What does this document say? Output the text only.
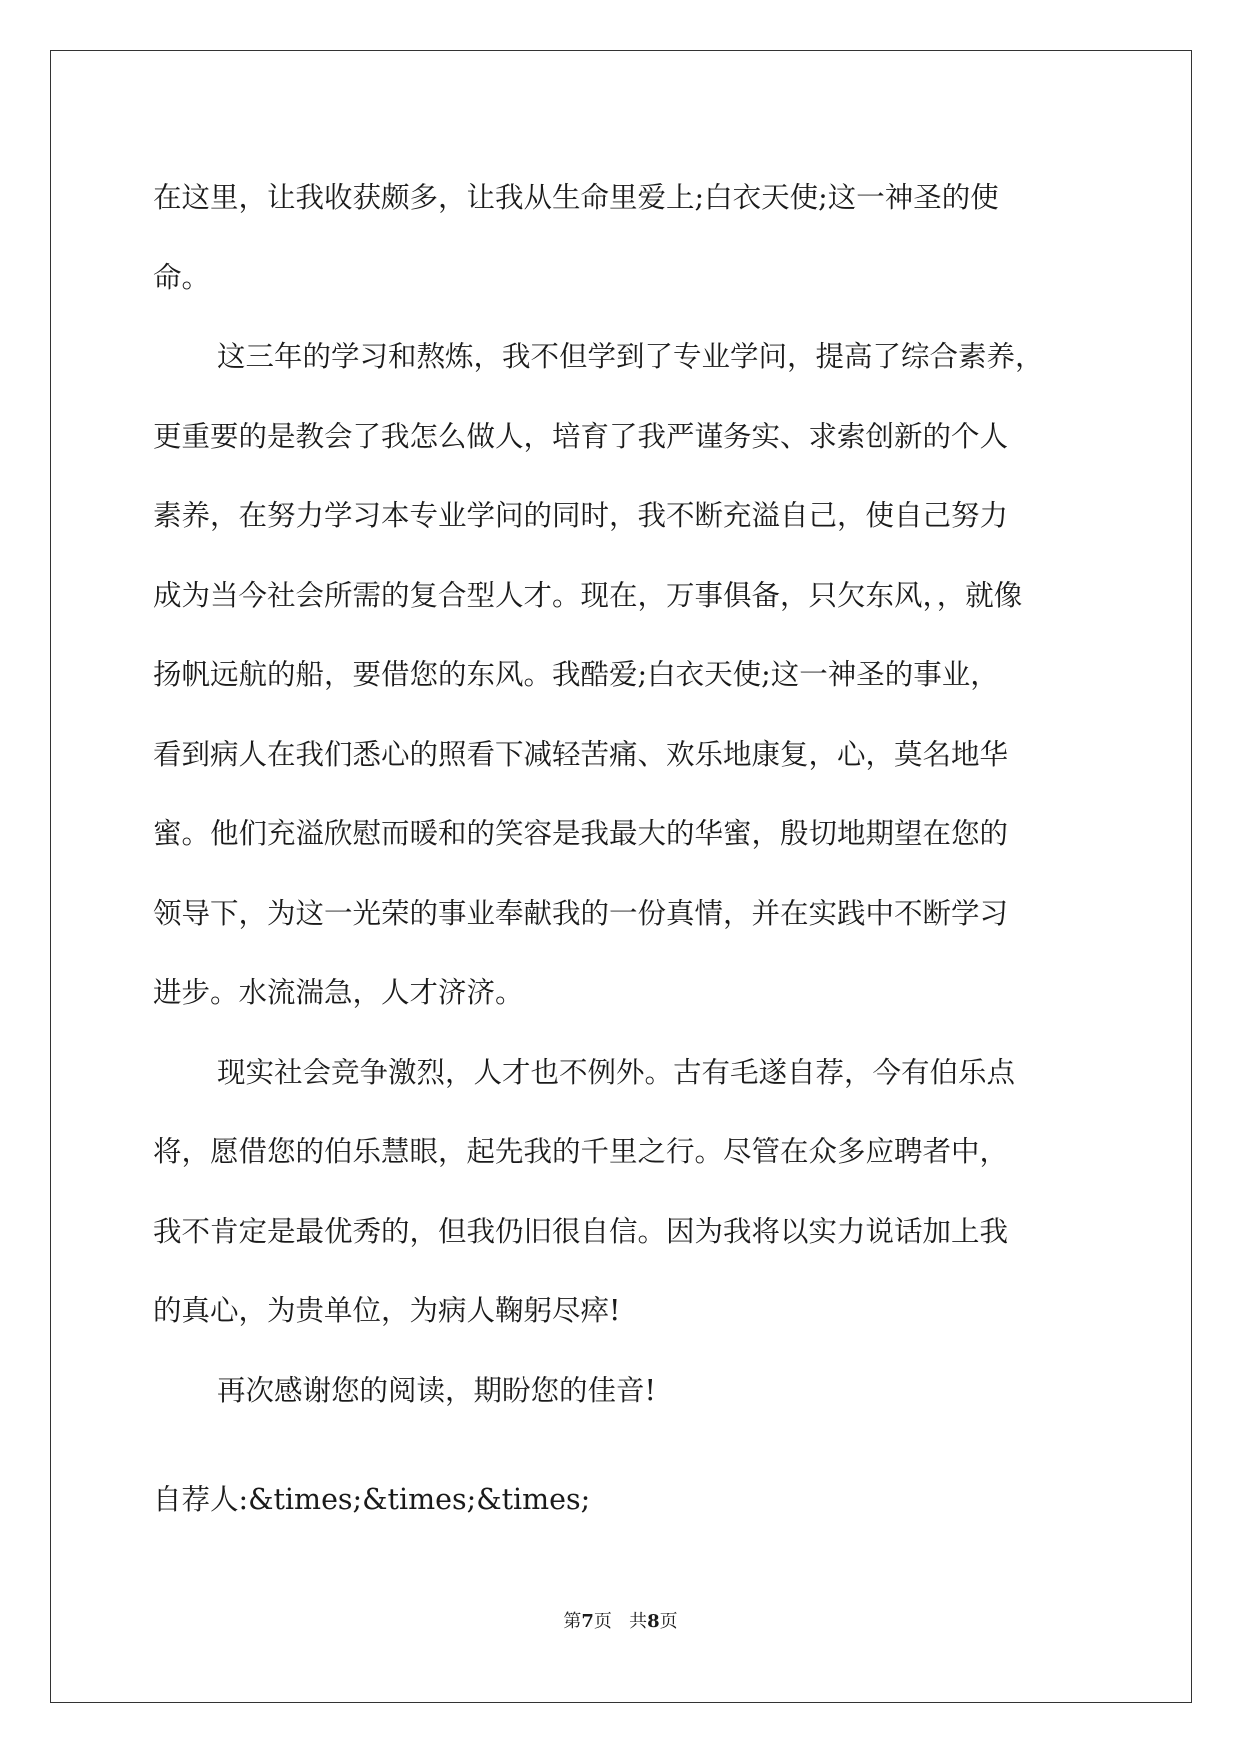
在这里，让我收获颇多，让我从生命里爱上;白衣天使;这一神圣的使
命。
这三年的学习和熬炼，我不但学到了专业学问，提高了综合素养，
更重要的是教会了我怎么做人，培育了我严谨务实、求索创新的个人
素养，在努力学习本专业学问的同时，我不断充溢自己，使自己努力
成为当今社会所需的复合型人才。现在，万事俱备，只欠东风，，就像
扬帆远航的船，要借您的东风。我酷爱;白衣天使;这一神圣的事业，
看到病人在我们悉心的照看下减轻苦痛、欢乐地康复，心，莫名地华
蜜。他们充溢欣慰而暖和的笑容是我最大的华蜜，殷切地期望在您的
领导下，为这一光荣的事业奉献我的一份真情，并在实践中不断学习
进步。水流湍急，人才济济。
现实社会竞争激烈，人才也不例外。古有毛遂自荐，今有伯乐点
将，愿借您的伯乐慧眼，起先我的千里之行。尽管在众多应聘者中，
我不肯定是最优秀的，但我仍旧很自信。因为我将以实力说话加上我
的真心，为贵单位，为病人鞠躬尽瘁!
再次感谢您的阅读，期盼您的佳音!
自荐人:&times;&times;&times;
第7页 共8页
